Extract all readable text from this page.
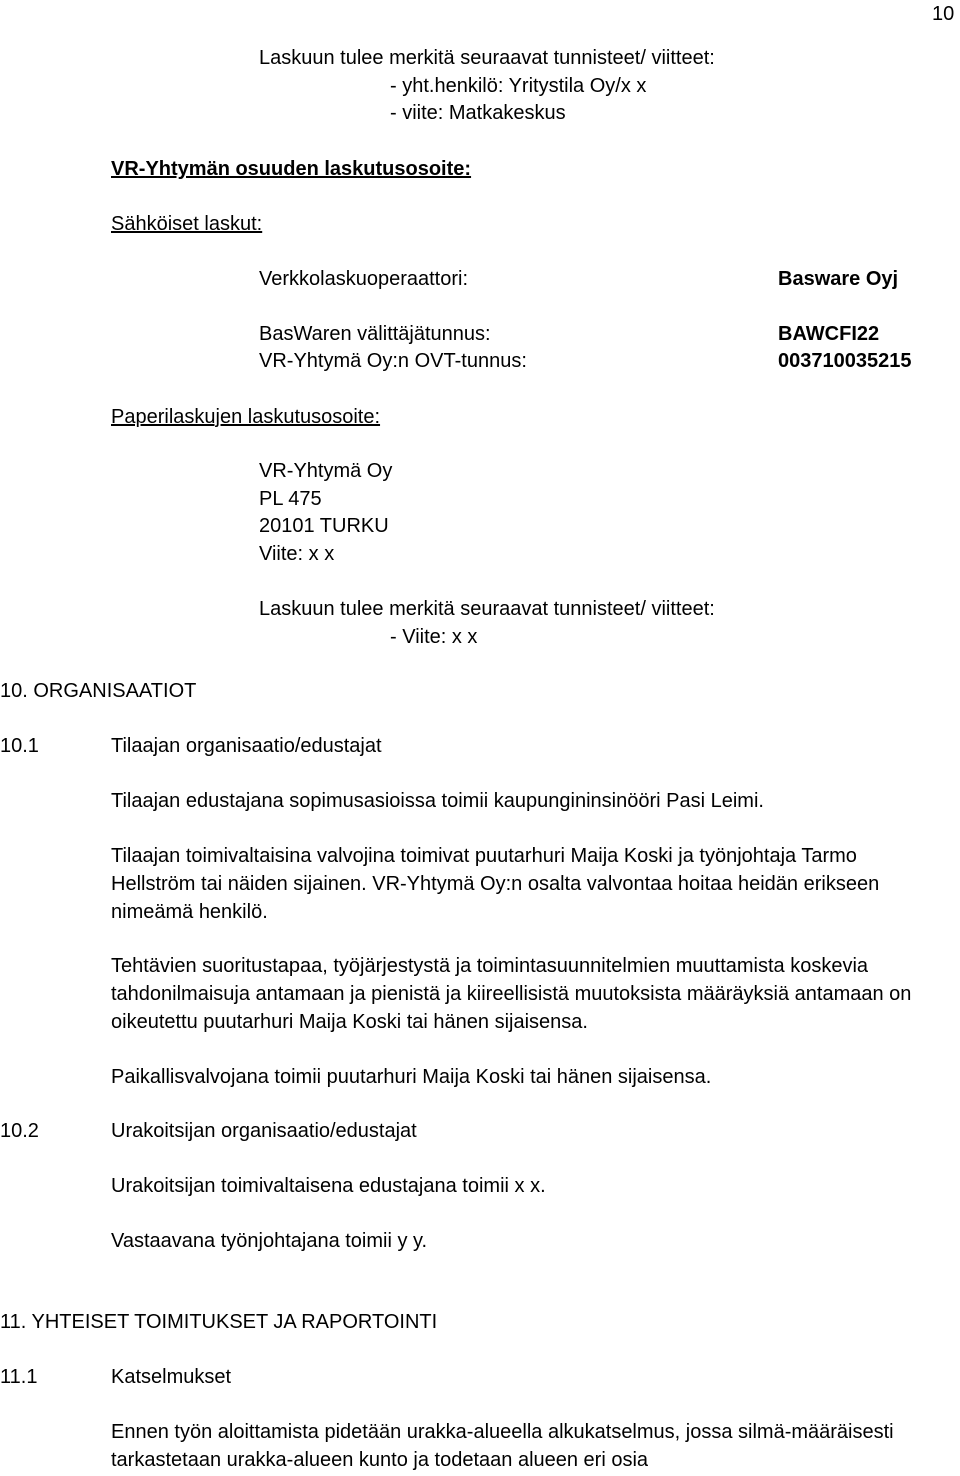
10
Laskuun tulee merkitä seuraavat tunnisteet/ viitteet:
- yht.henkilö: Yritystila Oy/x x
- viite: Matkakeskus
VR-Yhtymän osuuden laskutusosoite:
Sähköiset laskut:
Verkkolaskuoperaattori:	Basware Oyj
BasWaren välittäjätunnus:	BAWCFI22
VR-Yhtymä Oy:n OVT-tunnus:	003710035215
Paperilaskujen laskutusosoite:
VR-Yhtymä Oy
PL 475
20101 TURKU
Viite: x x
Laskuun tulee merkitä seuraavat tunnisteet/ viitteet:
- Viite: x x
10. ORGANISAATIOT
10.1	Tilaajan organisaatio/edustajat
Tilaajan edustajana sopimusasioissa toimii kaupungininsinööri Pasi Leimi.
Tilaajan toimivaltaisina valvojina toimivat puutarhuri Maija Koski ja työnjohtaja Tarmo Hellström tai näiden sijainen. VR-Yhtymä Oy:n osalta valvontaa hoitaa heidän erikseen nimeämä henkilö.
Tehtävien suoritustapaa, työjärjestystä ja toimintasuunnitelmien muuttamista koskevia tahdonilmaisuja antamaan ja pienistä ja kiireellisistä muutoksista määräyksiä antamaan on oikeutettu puutarhuri Maija Koski tai hänen sijaisensa.
Paikallisvalvojana toimii puutarhuri Maija Koski tai hänen sijaisensa.
10.2	Urakoitsijan organisaatio/edustajat
Urakoitsijan toimivaltaisena edustajana toimii x x.
Vastaavana työnjohtajana toimii y y.
11. YHTEISET TOIMITUKSET JA RAPORTOINTI
11.1	Katselmukset
Ennen työn aloittamista pidetään urakka-alueella alkukatselmus, jossa silmä-määräisesti tarkastetaan urakka-alueen kunto ja todetaan alueen eri osia
